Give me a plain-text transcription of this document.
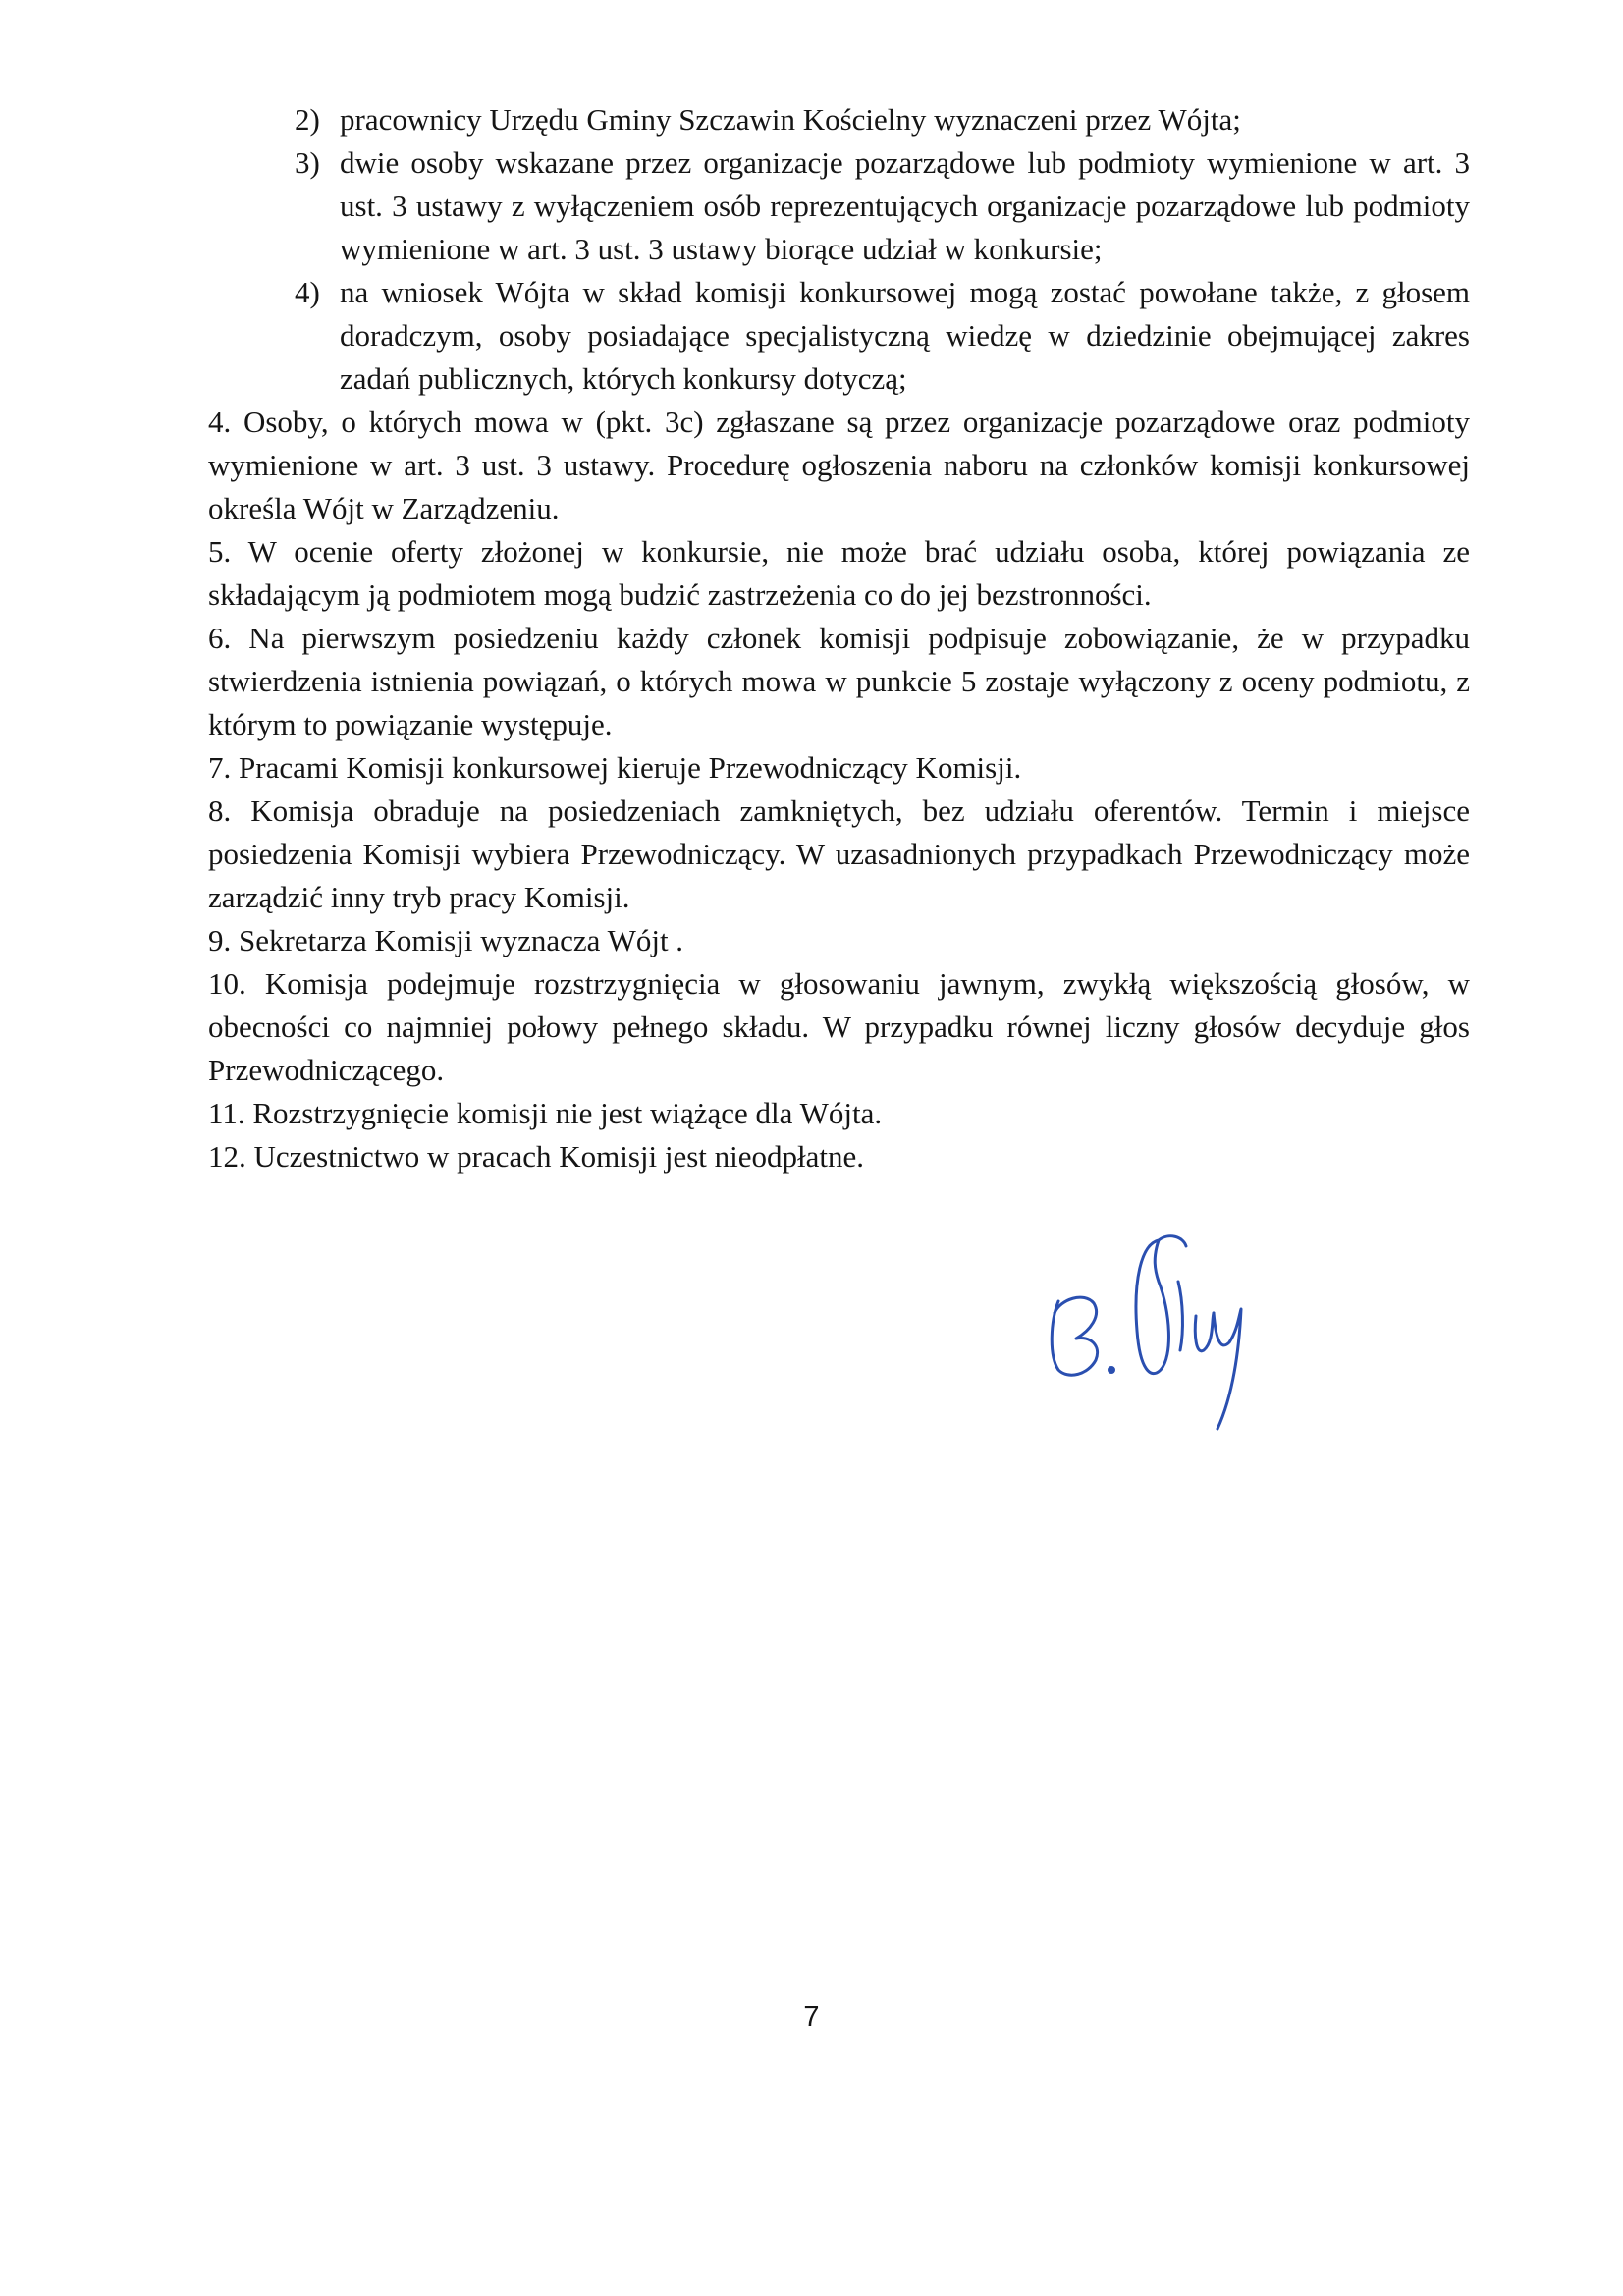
2) pracownicy Urzędu Gminy Szczawin Kościelny wyznaczeni przez Wójta;
3) dwie osoby wskazane przez organizacje pozarządowe lub podmioty wymienione w art. 3 ust. 3 ustawy z wyłączeniem osób reprezentujących organizacje pozarządowe lub podmioty wymienione w art. 3 ust. 3 ustawy biorące udział w konkursie;
4) na wniosek Wójta w skład komisji konkursowej mogą zostać powołane także, z głosem doradczym, osoby posiadające specjalistyczną wiedzę w dziedzinie obejmującej zakres zadań publicznych, których konkursy dotyczą;

4. Osoby, o których mowa w (pkt. 3c) zgłaszane są przez organizacje pozarządowe oraz podmioty wymienione w art. 3 ust. 3 ustawy. Procedurę ogłoszenia naboru na członków komisji konkursowej określa Wójt w Zarządzeniu.

5. W ocenie oferty złożonej w konkursie, nie może brać udziału osoba, której powiązania ze składającym ją podmiotem mogą budzić zastrzeżenia co do jej bezstronności.

6. Na pierwszym posiedzeniu każdy członek komisji podpisuje zobowiązanie, że w przypadku stwierdzenia istnienia powiązań, o których mowa w punkcie 5 zostaje wyłączony z oceny podmiotu, z którym to powiązanie występuje.

7. Pracami Komisji konkursowej kieruje Przewodniczący Komisji.

8. Komisja obraduje na posiedzeniach zamkniętych, bez udziału oferentów. Termin i miejsce posiedzenia Komisji wybiera Przewodniczący. W uzasadnionych przypadkach Przewodniczący może zarządzić inny tryb pracy Komisji.

9. Sekretarza Komisji wyznacza Wójt .

10. Komisja podejmuje rozstrzygnięcia w głosowaniu jawnym, zwykłą większością głosów, w obecności co najmniej połowy pełnego składu. W przypadku równej liczny głosów decyduje głos Przewodniczącego.

11. Rozstrzygnięcie komisji nie jest wiążące dla Wójta.

12. Uczestnictwo w pracach Komisji jest nieodpłatne.

7
